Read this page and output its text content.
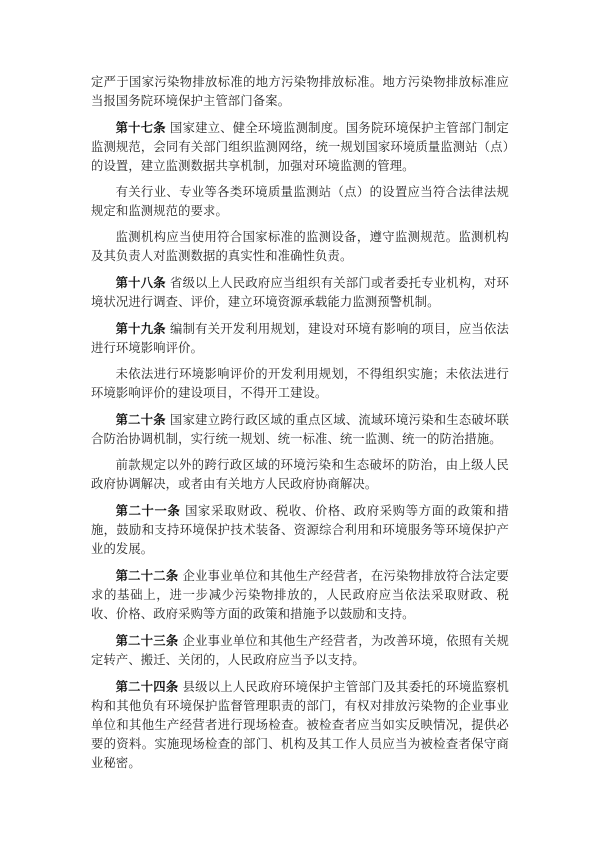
定严于国家污染物排放标准的地方污染物排放标准。地方污染物排放标准应当报国务院环境保护主管部门备案。

第十七条 国家建立、健全环境监测制度。国务院环境保护主管部门制定监测规范，会同有关部门组织监测网络，统一规划国家环境质量监测站（点）的设置，建立监测数据共享机制，加强对环境监测的管理。

有关行业、专业等各类环境质量监测站（点）的设置应当符合法律法规规定和监测规范的要求。

监测机构应当使用符合国家标准的监测设备，遵守监测规范。监测机构及其负责人对监测数据的真实性和准确性负责。

第十八条 省级以上人民政府应当组织有关部门或者委托专业机构，对环境状况进行调查、评价，建立环境资源承载能力监测预警机制。

第十九条 编制有关开发利用规划，建设对环境有影响的项目，应当依法进行环境影响评价。

未依法进行环境影响评价的开发利用规划，不得组织实施；未依法进行环境影响评价的建设项目，不得开工建设。

第二十条 国家建立跨行政区域的重点区域、流域环境污染和生态破坏联合防治协调机制，实行统一规划、统一标准、统一监测、统一的防治措施。

前款规定以外的跨行政区域的环境污染和生态破坏的防治，由上级人民政府协调解决，或者由有关地方人民政府协商解决。

第二十一条 国家采取财政、税收、价格、政府采购等方面的政策和措施，鼓励和支持环境保护技术装备、资源综合利用和环境服务等环境保护产业的发展。

第二十二条 企业事业单位和其他生产经营者，在污染物排放符合法定要求的基础上，进一步减少污染物排放的，人民政府应当依法采取财政、税收、价格、政府采购等方面的政策和措施予以鼓励和支持。

第二十三条 企业事业单位和其他生产经营者，为改善环境，依照有关规定转产、搬迁、关闭的，人民政府应当予以支持。

第二十四条 县级以上人民政府环境保护主管部门及其委托的环境监察机构和其他负有环境保护监督管理职责的部门，有权对排放污染物的企业事业单位和其他生产经营者进行现场检查。被检查者应当如实反映情况，提供必要的资料。实施现场检查的部门、机构及其工作人员应当为被检查者保守商业秘密。
